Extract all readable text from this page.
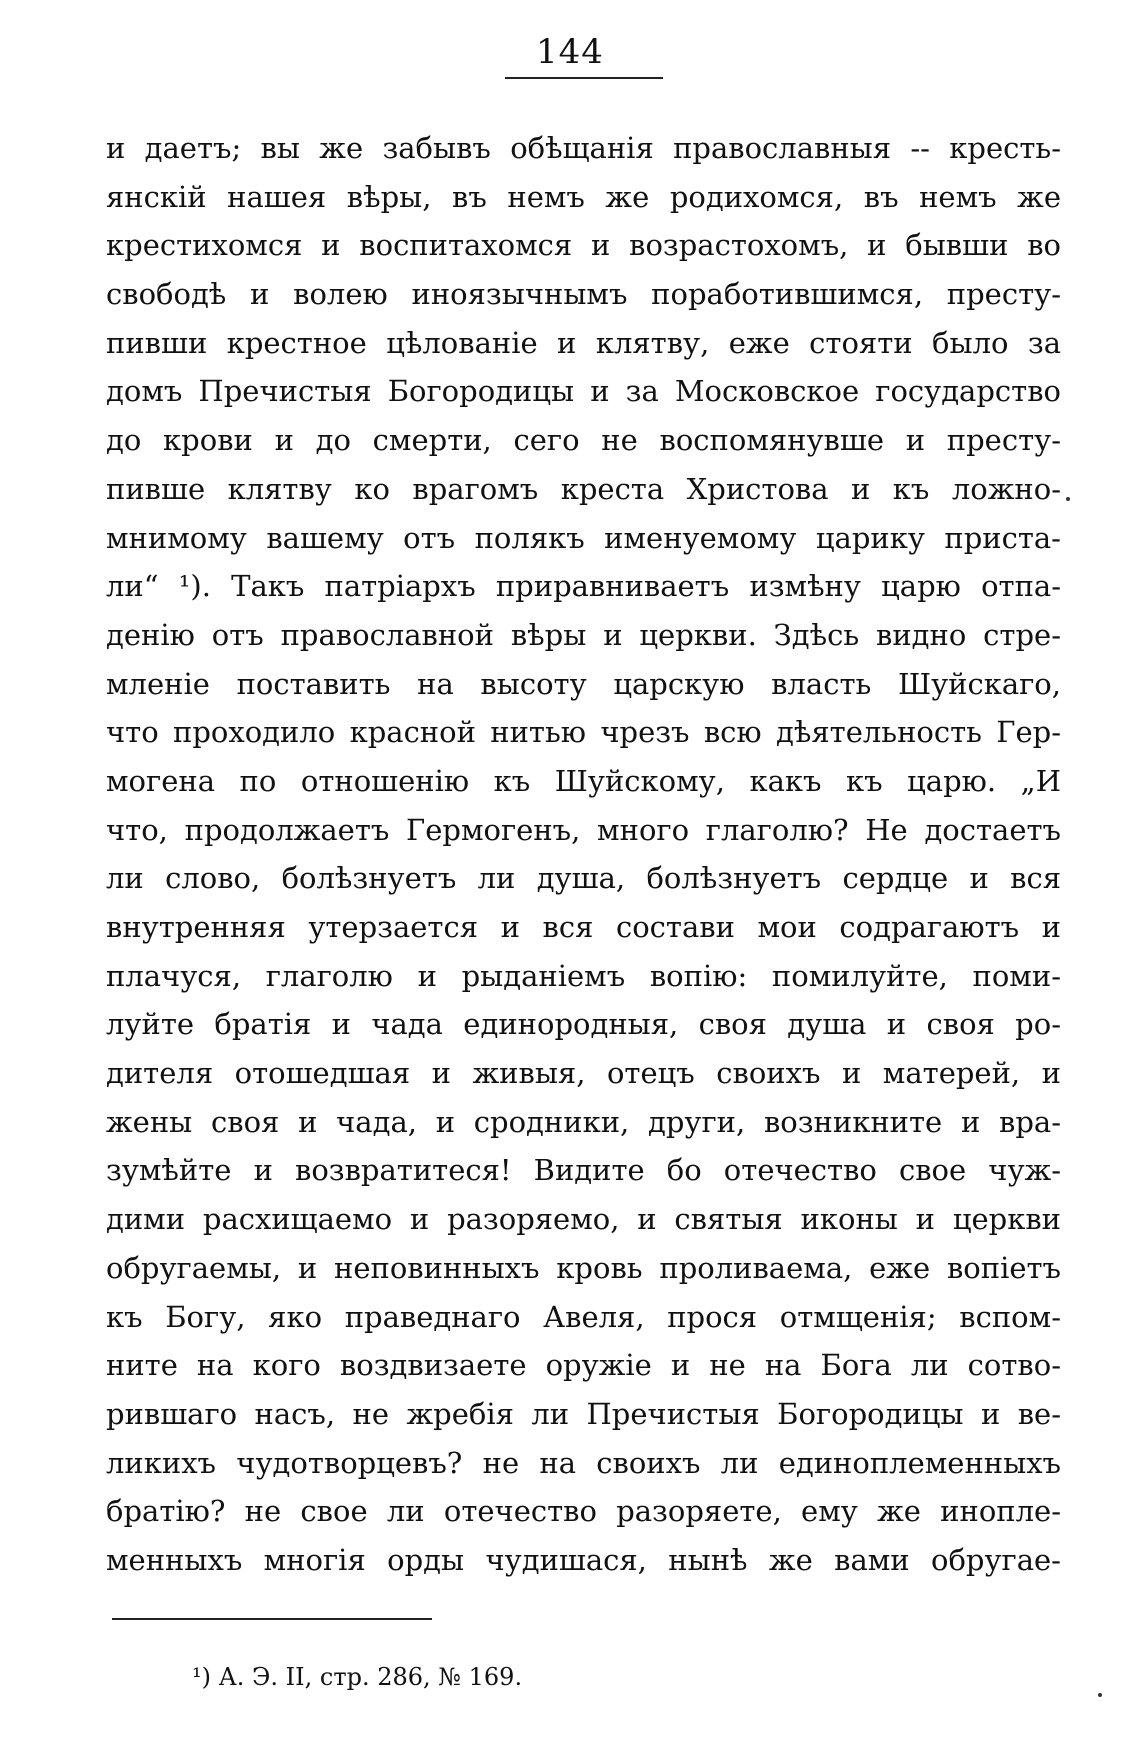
144
и даетъ; вы же забывъ обѣщанія православныя -- кресть-
янскій нашея вѣры, въ немъ же родихомся, въ немъ же
крестихомся и воспитахомся и возрастохомъ, и бывши во
свободѣ и волею иноязычнымъ поработившимся, престу-
пивши крестное цѣлованіе и клятву, еже стояти было за
домъ Пречистыя Богородицы и за Московское государство
до крови и до смерти, сего не воспомянувше и престу-
пивше клятву ко врагомъ креста Христова и къ ложно-
мнимому вашему отъ полякъ именуемому царику приста-
ли“ ¹). Такъ патріархъ приравниваетъ измѣну царю отпа-
денію отъ православной вѣры и церкви. Здѣсь видно стре-
мленіе поставить на высоту царскую власть Шуйскаго,
что проходило красной нитью чрезъ всю дѣятельность Гер-
могена по отношенію къ Шуйскому, какъ къ царю. „И
что, продолжаетъ Гермогенъ, много глаголю? Не достаетъ
ли слово, болѣзнуетъ ли душа, болѣзнуетъ сердце и вся
внутренняя утерзается и вся состави мои содрагаютъ и
плачуся, глаголю и рыданіемъ вопію: помилуйте, поми-
луйте братія и чада единородныя, своя душа и своя ро-
дителя отошедшая и живыя, отецъ своихъ и матерей, и
жены своя и чада, и сродники, други, возникните и вра-
зумѣйте и возвратитеся! Видите бо отечество свое чуж-
дими расхищаемо и разоряемо, и святыя иконы и церкви
обругаемы, и неповинныхъ кровь проливаема, еже вопіетъ
къ Богу, яко праведнаго Авеля, прося отмщенія; вспом-
ните на кого воздвизаете оружіе и не на Бога ли сотво-
рившаго насъ, не жребія ли Пречистыя Богородицы и ве-
ликихъ чудотворцевъ? не на своихъ ли единоплеменныхъ
братію? не свое ли отечество разоряете, ему же иноплe-
менныхъ многія орды чудишася, нынѣ же вами обругае-
¹) А. Э. II, стр. 286, № 169.
